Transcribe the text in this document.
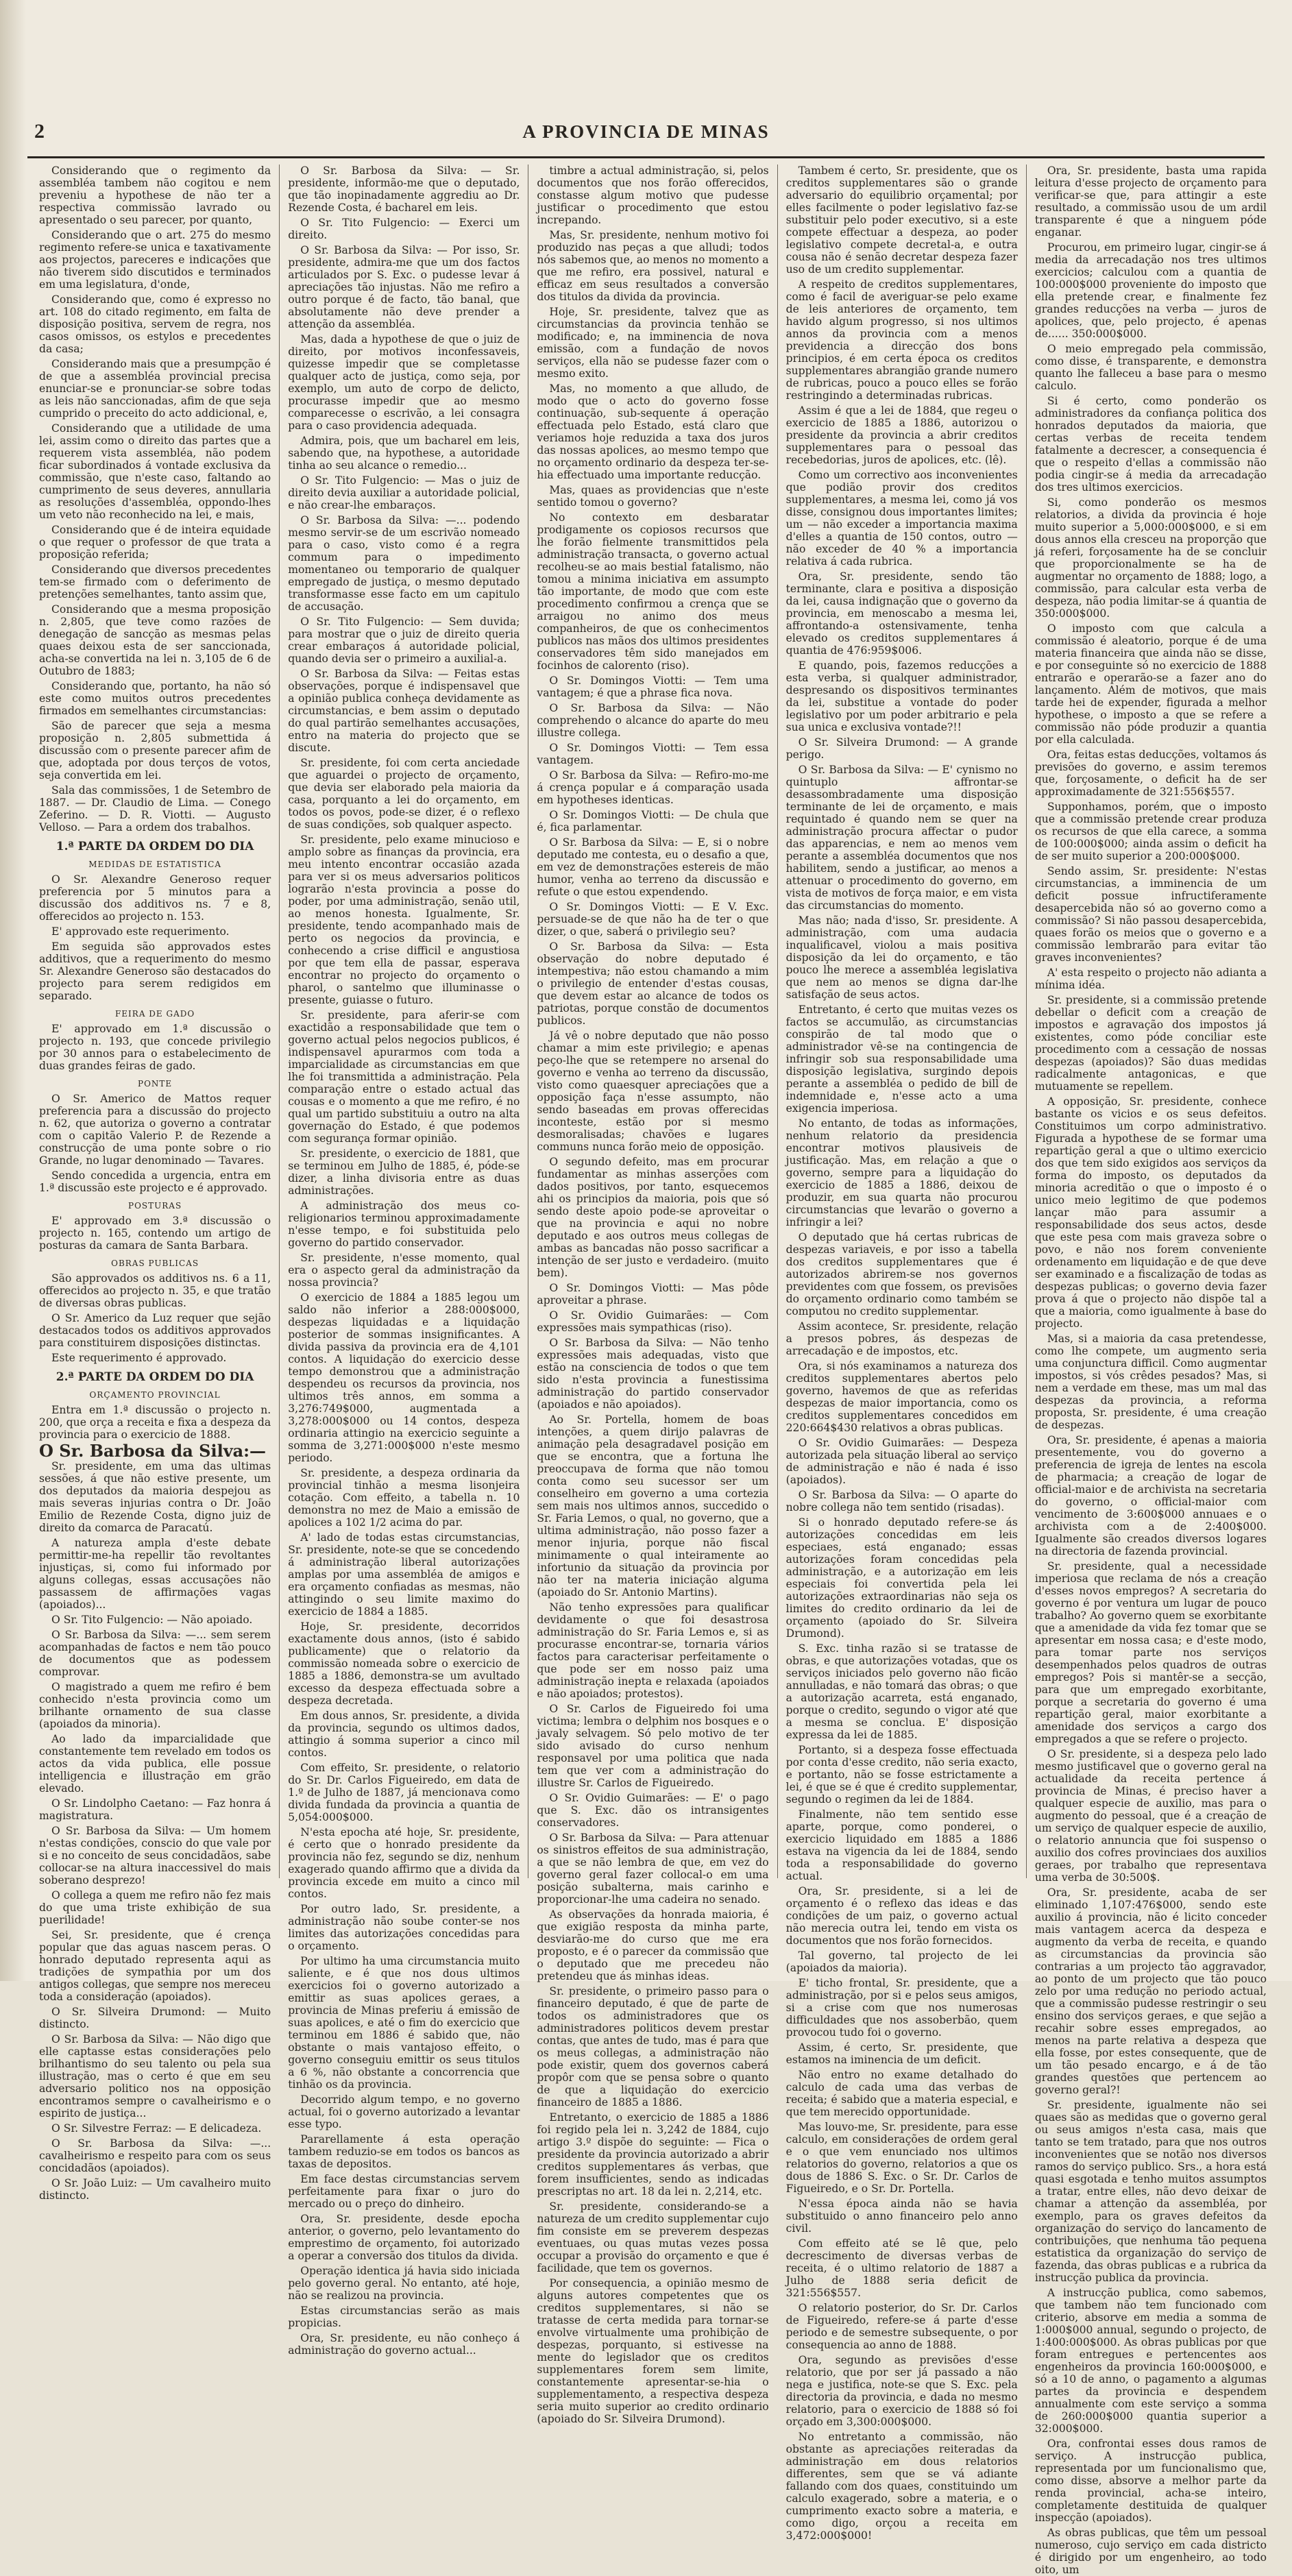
2	A PROVINCIA DE MINAS

Considerando que o regimento da assembléa tambem não cogitou e nem preveniu a hypothese de não ter a respectiva commissão lavrado ou apresentado o seu parecer, por quanto,

Considerando que o art. 275 do mesmo regimento refere-se unica e taxativamente aos projectos, pareceres e indicações que não tiverem sido discutidos e terminados em uma legislatura, d'onde,

Considerando que, como é expresso no art. 108 do citado regimento, em falta de disposição positiva, servem de regra, nos casos omissos, os estylos e precedentes da casa;

Considerando mais que a presumpção é de que a assembléa provincial precisa enunciar-se e pronunciar-se sobre todas as leis não sanccionadas, afim de que seja cumprido o preceito do acto addicional, e,

Considerando que a utilidade de uma lei, assim como o direito das partes que a requerem vista assembléa, não podem ficar subordinados á vontade exclusiva da commissão, que n'este caso, faltando ao cumprimento de seus deveres, annullaria as resoluções d'assembléa, oppondo-lhes um veto não reconhecido na lei, e mais,

Considerando que é de inteira equidade o que requer o professor de que trata a proposição referida;

Considerando que diversos precedentes tem-se firmado com o deferimento de pretenções semelhantes, tanto assim que,

Considerando que a mesma proposição n. 2,805, que teve como razões de denegação de sancção as mesmas pelas quaes deixou esta de ser sanccionada, acha-se convertida na lei n. 3,105 de 6 de Outubro de 1883;

Considerando que, portanto, ha não só este como muitos outros precedentes firmados em semelhantes circumstancias:

São de parecer que seja a mesma proposição n. 2,805 submettida á discussão com o presente parecer afim de que, adoptada por dous terços de votos, seja convertida em lei.

Sala das commissões, 1 de Setembro de 1887. — Dr. Claudio de Lima. — Conego Zeferino. — D. R. Viotti. — Augusto Velloso. — Para a ordem dos trabalhos.

1.ª PARTE DA ORDEM DO DIA
MEDIDAS DE ESTATISTICA

O Sr. Alexandre Generoso requer preferencia por 5 minutos para a discussão dos additivos ns. 7 e 8, offerecidos ao projecto n. 153.

E' approvado este requerimento.

Em seguida são approvados estes additivos, que a requerimento do mesmo Sr. Alexandre Generoso são destacados do projecto para serem redigidos em separado.

FEIRA DE GADO

E' approvado em 1.ª discussão o projecto n. 193, que concede privilegio por 30 annos para o estabelecimento de duas grandes feiras de gado.

PONTE

O Sr. Americo de Mattos requer preferencia para a discussão do projecto n. 62, que autoriza o governo a contratar com o capitão Valerio P. de Rezende a construcção de uma ponte sobre o rio Grande, no lugar denominado — Tavares.

Sendo concedida a urgencia, entra em 1.ª discussão este projecto e é approvado.

POSTURAS

E' approvado em 3.ª discussão o projecto n. 165, contendo um artigo de posturas da camara de Santa Barbara.

OBRAS PUBLICAS

São approvados os additivos ns. 6 a 11, offerecidos ao projecto n. 35, e que tratão de diversas obras publicas.

O Sr. Americo da Luz requer que sejão destacados todos os additivos approvados para constituirem disposições distinctas.

Este requerimento é approvado.

2.ª PARTE DA ORDEM DO DIA
ORÇAMENTO PROVINCIAL

Entra em 1.ª discussão o projecto n. 200, que orça a receita e fixa a despeza da provincia para o exercicio de 1888.

O Sr. Barbosa da Silva:—

Sr. presidente, em uma das ultimas sessões, á que não estive presente, um dos deputados da maioria despejou as mais severas injurias contra o Dr. João Emilio de Rezende Costa, digno juiz de direito da comarca de Paracatú.

A natureza ampla d'este debate permittir-me-ha repellir tão revoltantes injustiças, si, como fui informado por alguns collegas, essas accusações não passassem de affirmações vagas (apoiados)...

O Sr. Tito Fulgencio: — Não apoiado.

O Sr. Barbosa da Silva: —... sem serem acompanhadas de factos e nem tão pouco de documentos que as podessem comprovar.

O magistrado a quem me refiro é bem conhecido n'esta provincia como um brilhante ornamento de sua classe (apoiados da minoria).

Ao lado da imparcialidade que constantemente tem revelado em todos os actos da vida publica, elle possue intelligencia e illustração em grão elevado.

O Sr. Lindolpho Caetano: — Faz honra á magistratura.

O Sr. Barbosa da Silva: — Um homem n'estas condições, conscio do que vale por si e no conceito de seus concidadãos, sabe collocar-se na altura inaccessivel do mais soberano desprezo!

O collega a quem me refiro não fez mais do que uma triste exhibição de sua puerilidade!

Sei, Sr. presidente, que é crença popular que das aguas nascem peras. O honrado deputado representa aqui as tradições de sympathia por um dos antigos collegas, que sempre nos mereceu toda a consideração (apoiados).

O Sr. Silveira Drumond: — Muito distincto.

O Sr. Barbosa da Silva: — Não digo que elle captasse estas considerações pelo brilhantismo do seu talento ou pela sua illustração, mas o certo é que em seu adversario politico nos na opposição encontramos sempre o cavalheirismo e o espirito de justiça...

O Sr. Silvestre Ferraz: — E delicadeza.

O Sr. Barbosa da Silva: —... cavalheirismo e respeito para com os seus concidadãos (apoiados).

O Sr. João Luiz: — Um cavalheiro muito distincto.

O Sr. Barbosa da Silva: — Sr. presidente, informão-me que o deputado, que tão inopinadamente aggrediu ao Dr. Rezende Costa, é bacharel em leis.

O Sr. Tito Fulgencio: — Exerci um direito.

O Sr. Barbosa da Silva: — Por isso, Sr. presidente, admira-me que um dos factos articulados por S. Exc. o pudesse levar á apreciações tão injustas. Não me refiro a outro porque é de facto, tão banal, que absolutamente não deve prender a attenção da assembléa.

Mas, dada a hypothese de que o juiz de direito, por motivos inconfessaveis, quizesse impedir que se completasse qualquer acto de justiça, como seja, por exemplo, um auto de corpo de delicto, procurasse impedir que ao mesmo comparecesse o escrivão, a lei consagra para o caso providencia adequada.

Admira, pois, que um bacharel em leis, sabendo que, na hypothese, a autoridade tinha ao seu alcance o remedio...

O Sr. Tito Fulgencio: — Mas o juiz de direito devia auxiliar a autoridade policial, e não crear-lhe embaraços.

O Sr. Barbosa da Silva: —... podendo mesmo servir-se de um escrivão nomeado para o caso, visto como é a regra commum para o impedimento momentaneo ou temporario de qualquer empregado de justiça, o mesmo deputado transformasse esse facto em um capitulo de accusação.

O Sr. Tito Fulgencio: — Sem duvida; para mostrar que o juiz de direito queria crear embaraços á autoridade policial, quando devia ser o primeiro a auxilial-a.

O Sr. Barbosa da Silva: — Feitas estas observações, porque é indispensavel que a opinião publica conheça devidamente as circumstancias, e bem assim o deputado do qual partirão semelhantes accusações, entro na materia do projecto que se discute.

Sr. presidente, foi com certa anciedade que aguardei o projecto de orçamento, que devia ser elaborado pela maioria da casa, porquanto a lei do orçamento, em todos os povos, pode-se dizer, é o reflexo de suas condições, sob qualquer aspecto.

Sr. presidente, pelo exame minucioso e amplo sobre as finanças da provincia, era meu intento encontrar occasião azada para ver si os meus adversarios politicos lograrão n'esta provincia a posse do poder, por uma administração, senão util, ao menos honesta. Igualmente, Sr. presidente, tendo acompanhado mais de perto os negocios da provincia, e conhecendo a crise difficil e angustiosa por que tem ella de passar, esperava encontrar no projecto do orçamento o pharol, o santelmo que illuminasse o presente, guiasse o futuro.

Sr. presidente, para aferir-se com exactidão a responsabilidade que tem o governo actual pelos negocios publicos, é indispensavel apurarmos com toda a imparcialidade as circumstancias em que lhe foi transmittida a administração. Pela comparação entre o estado actual das cousas e o momento a que me refiro, é no qual um partido substituiu a outro na alta governação do Estado, é que podemos com segurança formar opinião.

Sr. presidente, o exercicio de 1881, que se terminou em Julho de 1885, é, póde-se dizer, a linha divisoria entre as duas administrações.

A administração dos meus co-religionarios terminou approximadamente n'esse tempo, e foi substituida pelo governo do partido conservador.

Sr. presidente, n'esse momento, qual era o aspecto geral da administração da nossa provincia?

O exercicio de 1884 a 1885 legou um saldo não inferior a 288:000$000, despezas liquidadas e a liquidação posterior de sommas insignificantes. A divida passiva da provincia era de 4,101 contos. A liquidação do exercicio desse tempo demonstrou que a administração despendeu os recursos da provincia, nos ultimos três annos, em somma a 3,276:749$000, augmentada a 3,278:000$000 ou 14 contos, despeza ordinaria attingio na exercicio seguinte a somma de 3,271:000$000 n'este mesmo periodo.

Sr. presidente, a despeza ordinaria da provincial tinhão a mesma lisonjeira cotação. Com effeito, a tabella n. 10 demonstra no mez de Maio a emissão de apolices a 102 1/2 acima do par.

A' lado de todas estas circumstancias, Sr. presidente, note-se que se concedendo á administração liberal autorizações amplas por uma assembléa de amigos e era orçamento confiadas as mesmas, não attingindo o seu limite maximo do exercicio de 1884 a 1885.

Hoje, Sr. presidente, decorridos exactamente dous annos, (isto é sabido publicamente) que o relatorio da commissão nomeada sobre o exercicio de 1885 a 1886, demonstra-se um avultado excesso da despeza effectuada sobre a despeza decretada.

Em dous annos, Sr. presidente, a divida da provincia, segundo os ultimos dados, attingio á somma superior a cinco mil contos.

Com effeito, Sr. presidente, o relatorio do Sr. Dr. Carlos Figueiredo, em data de 1.º de Julho de 1887, já mencionava como divida fundada da provincia a quantia de 5,054:000$000.

N'esta epocha até hoje, Sr. presidente, é certo que o honrado presidente da provincia não fez, segundo se diz, nenhum exagerado quando affirmo que a divida da provincia excede em muito a cinco mil contos.

Por outro lado, Sr. presidente, a administração não soube conter-se nos limites das autorizações concedidas para o orçamento.

Por ultimo ha uma circumstancia muito saliente, e é que nos dous ultimos exercicios foi o governo autorizado a emittir as suas apolices geraes, a provincia de Minas preferiu á emissão de suas apolices, e até o fim do exercicio que terminou em 1886 é sabido que, não obstante o mais vantajoso effeito, o governo conseguiu emittir os seus titulos a 6 %, não obstante a concorrencia que tinhão os da provincia.

Decorrido algum tempo, e no governo actual, foi o governo autorizado a levantar esse typo.

Pararellamente á esta operação tambem reduzio-se em todos os bancos as taxas de depositos.

Em face destas circumstancias servem perfeitamente para fixar o juro do mercado ou o preço do dinheiro.

Ora, Sr. presidente, desde epocha anterior, o governo, pelo levantamento do emprestimo de orçamento, foi autorizado a operar a conversão dos titulos da divida.

Operação identica já havia sido iniciada pelo governo geral. No entanto, até hoje, não se realizou na provincia.

Estas circumstancias serão as mais propicias.

Ora, Sr. presidente, eu não conheço á administração do governo actual...

timbre a actual administração, si, pelos documentos que nos forão offerecidos, constasse algum motivo que pudesse justificar o procedimento que estou increpando.

Mas, Sr. presidente, nenhum motivo foi produzido nas peças a que alludi; todos nós sabemos que, ao menos no momento a que me refiro, era possivel, natural e efficaz em seus resultados a conversão dos titulos da divida da provincia.

Hoje, Sr. presidente, talvez que as circumstancias da provincia tenhão se modificado; e, na imminencia de nova emissão, com a fundação de novos serviços, ella não se pudesse fazer com o mesmo exito.

Mas, no momento a que alludo, de modo que o acto do governo fosse continuação, sub-sequente á operação effectuada pelo Estado, está claro que veriamos hoje reduzida a taxa dos juros das nossas apolices, ao mesmo tempo que no orçamento ordinario da despeza ter-se-hia effectuado uma importante reducção.

Mas, quaes as providencias que n'este sentido tomou o governo?

No contexto em desbaratar prodigamente os copiosos recursos que lhe forão fielmente transmittidos pela administração transacta, o governo actual recolheu-se ao mais bestial fatalismo, não tomou a minima iniciativa em assumpto tão importante, de modo que com este procedimento confirmou a crença que se arraigou no animo dos meus companheiros, de que os conhecimentos publicos nas mãos dos ultimos presidentes conservadores têm sido manejados em focinhos de calorento (riso).

O Sr. Domingos Viotti: — Tem uma vantagem; é que a phrase fica nova.

O Sr. Barbosa da Silva: — Não comprehendo o alcance do aparte do meu illustre collega.

O Sr. Domingos Viotti: — Tem essa vantagem.

O Sr. Barbosa da Silva: — Refiro-mo-me á crença popular e á comparação usada em hypotheses identicas.

O Sr. Domingos Viotti: — De chula que é, fica parlamentar.

O Sr. Barbosa da Silva: — E, si o nobre deputado me contesta, eu o desafio a que, em vez de demonstrações estereis de mão humor, venha ao terreno da discussão e refute o que estou expendendo.

O Sr. Domingos Viotti: — E V. Exc. persuade-se de que não ha de ter o que dizer, o que, saberá o privilegio seu?

O Sr. Barbosa da Silva: — Esta observação do nobre deputado é intempestiva; não estou chamando a mim o privilegio de entender d'estas cousas, que devem estar ao alcance de todos os patriotas, porque constão de documentos publicos.

Já vê o nobre deputado que não posso chamar a mim este privilegio; e apenas peço-lhe que se retempere no arsenal do governo e venha ao terreno da discussão, visto como quaesquer apreciações que a opposição faça n'esse assumpto, não sendo baseadas em provas offerecidas inconteste, estão por si mesmo desmoralisadas; chavões e lugares communs nunca forão meio de opposição.

O segundo defeito, mas em procurar fundamentar as minhas asserções com dados positivos, por tanto, esquecemos ahi os principios da maioria, pois que só sendo deste apoio pode-se aproveitar o que na provincia e aqui no nobre deputado e aos outros meus collegas de ambas as bancadas não posso sacrificar a intenção de ser justo e verdadeiro. (muito bem).

O Sr. Domingos Viotti: — Mas pôde aproveitar a phrase.

O Sr. Ovidio Guimarães: — Com expressões mais sympathicas (riso).

O Sr. Barbosa da Silva: — Não tenho expressões mais adequadas, visto que estão na consciencia de todos o que tem sido n'esta provincia a funestissima administração do partido conservador (apoiados e não apoiados).

Ao Sr. Portella, homem de boas intenções, a quem dirijo palavras de animação pela desagradavel posição em que se encontra, que a fortuna lhe preoccupava de forma que não tomou conta como seu sucessor ser um conselheiro em governo a uma cortezia sem mais nos ultimos annos, succedido o Sr. Faria Lemos, o qual, no governo, que a ultima administração, não posso fazer a menor injuria, porque não fiscal minimamente o qual inteiramente ao infortunio da situação da provincia por não ter na materia iniciação alguma (apoiado do Sr. Antonio Martins).

Não tenho expressões para qualificar devidamente o que foi desastrosa administração do Sr. Faria Lemos e, si as procurasse encontrar-se, tornaria vários factos para caracterisar perfeitamente o que pode ser em nosso paiz uma administração inepta e relaxada (apoiados e não apoiados; protestos).

O Sr. Carlos de Figueiredo foi uma victima; lembra o delphim nos bosques e o javaly selvagem. Só pelo motivo de ter sido avisado do curso nenhum responsavel por uma politica que nada tem que ver com a administração do illustre Sr. Carlos de Figueiredo.

O Sr. Ovidio Guimarães: — E' o pago que S. Exc. dão os intransigentes conservadores.

O Sr. Barbosa da Silva: — Para attenuar os sinistros effeitos de sua administração, a que se não lembra de que, em vez do governo geral fazer collocal-o em uma posição subalterna, mais carinho e proporcionar-lhe uma cadeira no senado.

As observações da honrada maioria, é que exigião resposta da minha parte, desviarão-me do curso que me era proposto, e é o parecer da commissão que o deputado que me precedeu não pretendeu que ás minhas ideas.

Sr. presidente, o primeiro passo para o financeiro deputado, é que de parte de todos os administradores que os administradores politicos devem prestar contas, que antes de tudo, mas é para que os meus collegas, a administração não pode existir, quem dos governos caberá propôr com que se pensa sobre o quanto de que a liquidação do exercicio financeiro de 1885 a 1886.

Entretanto, o exercicio de 1885 a 1886 foi regido pela lei n. 3,242 de 1884, cujo artigo 3.º dispõe do seguinte: — Fica o presidente da provincia autorizado a abrir creditos supplementares ás verbas, que forem insufficientes, sendo as indicadas prescriptas no art. 18 da lei n. 2,214, etc.

Sr. presidente, considerando-se a natureza de um credito supplementar cujo fim consiste em se preverem despezas eventuaes, ou quas mutas vezes possa occupar a provisão do orçamento e que é facilidade, que tem os governos.

Por consequencia, a opinião mesmo de alguns autores competentes que os creditos supplementares, si não se tratasse de certa medida para tornar-se envolve virtualmente uma prohibição de despezas, porquanto, si estivesse na mente do legislador que os creditos supplementares forem sem limite, constantemente apresentar-se-hia o supplementamento, a respectiva despeza seria muito superior ao credito ordinario (apoiado do Sr. Silveira Drumond).

Tambem é certo, Sr. presidente, que os creditos supplementares são o grande adversario do equilibrio orçamental; por elles facilmente o poder legislativo faz-se substituir pelo poder executivo, si a este compete effectuar a despeza, ao poder legislativo compete decretal-a, e outra cousa não é senão decretar despeza fazer uso de um credito supplementar.

A respeito de creditos supplementares, como é facil de averiguar-se pelo exame de leis anteriores de orçamento, tem havido algum progresso, si nos ultimos annos da provincia com a menos previdencia a direcção dos bons principios, é em certa época os creditos supplementares abrangião grande numero de rubricas, pouco a pouco elles se forão restringindo a determinadas rubricas.

Assim é que a lei de 1884, que regeu o exercicio de 1885 a 1886, autorizou o presidente da provincia a abrir creditos supplementares para o pessoal das recebedorias, juros de apolices, etc. (lê).

Como um correctivo aos inconvenientes que podião provir dos creditos supplementares, a mesma lei, como já vos disse, consignou dous importantes limites; um — não exceder a importancia maxima d'elles a quantia de 150 contos, outro — não exceder de 40 % a importancia relativa á cada rubrica.

Ora, Sr. presidente, sendo tão terminante, clara e positiva a disposição da lei, causa indignação que o governo da provincia, em menoscabo a mesma lei, affrontando-a ostensivamente, tenha elevado os creditos supplementares á quantia de 476:959$006.

E quando, pois, fazemos reducções a esta verba, si qualquer administrador, despresando os dispositivos terminantes da lei, substitue a vontade do poder legislativo por um poder arbitrario e pela sua unica e exclusiva vontade?!!

O Sr. Silveira Drumond: — A grande perigo.

O Sr. Barbosa da Silva: — E' cynismo no quintuplo affrontar-se desassombradamente uma disposição terminante de lei de orçamento, e mais requintado é quando nem se quer na administração procura affectar o pudor das apparencias, e nem ao menos vem perante a assembléa documentos que nos habilitem, sendo a justificar, ao menos a attenuar o procedimento do governo, em vista de motivos de força maior, e em vista das circumstancias do momento.

Mas não; nada d'isso, Sr. presidente. A administração, com uma audacia inqualificavel, violou a mais positiva disposição da lei do orçamento, e tão pouco lhe merece a assembléa legislativa que nem ao menos se digna dar-lhe satisfação de seus actos.

Entretanto, é certo que muitas vezes os factos se accumulão, as circumstancias conspirão de tal modo que o administrador vê-se na contingencia de infringir sob sua responsabilidade uma disposição legislativa, surgindo depois perante a assembléa o pedido de bill de indemnidade e, n'esse acto a uma exigencia imperiosa.

No entanto, de todas as informações, nenhum relatorio da presidencia encontrar motivos plausiveis de justificação. Mas, em relação a que o governo, sempre para a liquidação do exercicio de 1885 a 1886, deixou de produzir, em sua quarta não procurou circumstancias que levarão o governo a infringir a lei?

O deputado que há certas rubricas de despezas variaveis, e por isso a tabella dos creditos supplementares que é autorizados abrirem-se nos governos previdentes com que fossem, os previsões do orçamento ordinario como também se computou no credito supplementar.

Assim acontece, Sr. presidente, relação a presos pobres, ás despezas de arrecadação e de impostos, etc.

Ora, si nós examinamos a natureza dos creditos supplementares abertos pelo governo, havemos de que as referidas despezas de maior importancia, como os creditos supplementares concedidos em 220:664$430 relativos a obras publicas.

O Sr. Ovidio Guimarães: — Despeza autorizada pela situação liberal ao serviço de administração e não é nada é isso (apoiados).

O Sr. Barbosa da Silva: — O aparte do nobre collega não tem sentido (risadas).

Si o honrado deputado refere-se ás autorizações concedidas em leis especiaes, está enganado; essas autorizações foram concedidas pela administração, e a autorização em leis especiais foi convertida pela lei autorizações extraordinarias não seja os limites do credito ordinario da lei de orçamento (apoiado do Sr. Silveira Drumond).

S. Exc. tinha razão si se tratasse de obras, e que autorizações votadas, que os serviços iniciados pelo governo não ficão annulladas, e não tomará das obras; o que a autorização acarreta, está enganado, porque o credito, segundo o vigor até que a mesma se conclua. E' disposição expressa da lei de 1885.

Portanto, si a despeza fosse effectuada por conta d'esse credito, não seria exacto, e portanto, não se fosse estrictamente a lei, é que se é que é credito supplementar, segundo o regimen da lei de 1884.

Finalmente, não tem sentido esse aparte, porque, como ponderei, o exercicio liquidado em 1885 a 1886 estava na vigencia da lei de 1884, sendo toda a responsabilidade do governo actual.

Ora, Sr. presidente, si a lei de orçamento é o reflexo das ideas e das condições de um paiz, o governo actual não merecia outra lei, tendo em vista os documentos que nos forão fornecidos.

Tal governo, tal projecto de lei (apoiados da maioria).

E' ticho frontal, Sr. presidente, que a administração, por si e pelos seus amigos, si a crise com que nos numerosas difficuldades que nos assoberbão, quem provocou tudo foi o governo.

Assim, é certo, Sr. presidente, que estamos na iminencia de um deficit.

Não entro no exame detalhado do calculo de cada uma das verbas de receita; é sabido que a materia especial, e que tem merecido opportunidade.

Mas louvo-me, Sr. presidente, para esse calculo, em considerações de ordem geral e o que vem enunciado nos ultimos relatorios do governo, relatorios a que os dous de 1886 S. Exc. o Sr. Dr. Carlos de Figueiredo, e o Sr. Dr. Portella.

N'essa época ainda não se havia substituido o anno financeiro pelo anno civil.

Com effeito até se lê que, pelo decrescimento de diversas verbas de receita, é o ultimo relatorio de 1887 a Julho de 1888 seria deficit de 321:556$557.

O relatorio posterior, do Sr. Dr. Carlos de Figueiredo, refere-se á parte d'esse periodo e de semestre subsequente, o por consequencia ao anno de 1888.

Ora, segundo as previsões d'esse relatorio, que por ser já passado a não nega e justifica, note-se que S. Exc. pela directoria da provincia, e dada no mesmo relatorio, para o exercicio de 1888 só foi orçado em 3,300:000$000.

No entretanto a commissão, não obstante as apreciações reiteradas da administração em dous relatorios differentes, sem que se vá adiante fallando com dos quaes, constituindo um calculo exagerado, sobre a materia, e o cumprimento exacto sobre a materia, e como digo, orçou a receita em 3,472:000$000!

Ora, Sr. presidente, basta uma rapida leitura d'esse projecto de orçamento para verificar-se que, para attingir a este resultado, a commissão usou de um ardil transparente é que a ninguem póde enganar.

Procurou, em primeiro lugar, cingir-se á media da arrecadação nos tres ultimos exercicios; calculou com a quantia de 100:000$000 proveniente do imposto que ella pretende crear, e finalmente fez grandes reducções na verba — juros de apolices, que, pelo projecto, é apenas de...... 350:000$000.

O meio empregado pela commissão, como disse, é transparente, e demonstra quanto lhe falleceu a base para o mesmo calculo.

Si é certo, como ponderão os administradores da confiança politica dos honrados deputados da maioria, que certas verbas de receita tendem fatalmente a decrescer, a consequencia é que o respeito d'ellas a commissão não podia cingir-se á media da arrecadação dos tres ultimos exercicios.

Si, como ponderão os mesmos relatorios, a divida da provincia é hoje muito superior a 5,000:000$000, e si em dous annos ella cresceu na proporção que já referi, forçosamente ha de se concluir que proporcionalmente se ha de augmentar no orçamento de 1888; logo, a commissão, para calcular esta verba de despeza, não podia limitar-se á quantia de 350:000$000.

O imposto com que calcula a commissão é aleatorio, porque é de uma materia financeira que ainda não se disse, e por conseguinte só no exercicio de 1888 entrarão e operarão-se a fazer ano do lançamento. Além de motivos, que mais tarde hei de expender, figurada a melhor hypothese, o imposto a que se refere a commissão não póde produzir a quantia por ella calculada.

Ora, feitas estas deducções, voltamos ás previsões do governo, e assim teremos que, forçosamente, o deficit ha de ser approximadamente de 321:556$557.

Supponhamos, porém, que o imposto que a commissão pretende crear produza os recursos de que ella carece, a somma de 100:000$000; ainda assim o deficit ha de ser muito superior a 200:000$000.

Sendo assim, Sr. presidente: N'estas circumstancias, a imminencia de um deficit possue infructiferamente desapercebida não só ao governo como a commissão? Si não passou desapercebida, quaes forão os meios que o governo e a commissão lembrarão para evitar tão graves inconvenientes?

A' esta respeito o projecto não adianta a mínima idéa.

Sr. presidente, si a commissão pretende debellar o deficit com a creação de impostos e agravação dos impostos já existentes, como póde conciliar este procedimento com a cessação de nossas despezas (apoiados)? São duas medidas radicalmente antagonicas, e que mutuamente se repellem.

A opposição, Sr. presidente, conhece bastante os vicios e os seus defeitos. Constituimos um corpo administrativo. Figurada a hypothese de se formar uma repartição geral a que o ultimo exercicio dos que tem sido exigidos aos serviços da forma do imposto, os deputados da minoria acreditão o que o imposto é o unico meio legitimo de que podemos lançar mão para assumir a responsabilidade dos seus actos, desde que este pesa com mais graveza sobre o povo, e não nos forem conveniente ordenamento em liquidação e de que deve ser examinado e a fiscalização de todas as despezas publicas; o governo devia fazer prova á que o projecto não dispõe tal a que a maioria, como igualmente à base do projecto.

Mas, si a maioria da casa pretendesse, como lhe compete, um augmento seria uma conjunctura difficil. Como augmentar impostos, si vós crêdes pesados? Mas, si nem a verdade em these, mas um mal das despezas da provincia, a reforma proposta, Sr. presidente, é uma creação de despezas.

Ora, Sr. presidente, é apenas a maioria presentemente, vou do governo a preferencia de igreja de lentes na escola de pharmacia; a creação de logar de official-maior e de archivista na secretaria do governo, o official-maior com vencimento de 3:600$000 annuaes e o archivista com a de 2:400$000. Igualmente são creados diversos logares na directoria de fazenda provincial.

Sr. presidente, qual a necessidade imperiosa que reclama de nós a creação d'esses novos empregos? A secretaria do governo é por ventura um lugar de pouco trabalho? Ao governo quem se exorbitante que a amenidade da vida fez tomar que se apresentar em nossa casa; e d'este modo, para tomar parte nos serviços desempenhados pelos quadros de outras empregos? Pois si mantêr-se a secção, para que um empregado exorbitante, porque a secretaria do governo é uma repartição geral, maior exorbitante a amenidade dos serviços a cargo dos empregados a que se refere o projecto.

O Sr. presidente, si a despeza pelo lado mesmo justificavel que o governo geral na actualidade da receita pertence á provincia de Minas, é preciso haver a qualquer especie de auxilio, mas para o augmento do pessoal, que é a creação de um serviço de qualquer especie de auxilio, o relatorio annuncia que foi suspenso o auxilio dos cofres provinciaes dos auxilios geraes, por trabalho que representava uma verba de 30:500$.

Ora, Sr. presidente, acaba de ser eliminado 1,107:476$000, sendo este auxilio á provincia, não é licito conceder mais vantagem acerca da despeza e augmento da verba de receita, e quando as circumstancias da provincia são contrarias a um projecto tão aggravador, ao ponto de um projecto que tão pouco zelo por uma redução no periodo actual, que a commissão pudesse restringir o seu ensino dos serviços geraes, e que sejão a recahir sobre esses empregados, ao menos na parte relativa a despeza que ella fosse, por estes consequente, que de um tão pesado encargo, e á de tão grandes questões que pertencem ao governo geral?!

Sr. presidente, igualmente não sei quaes são as medidas que o governo geral ou seus amigos n'esta casa, mais que tanto se tem tratado, para que nos outros inconvenientes que se notão nos diversos ramos do serviço publico. Srs., a hora está quasi esgotada e tenho muitos assumptos a tratar, entre elles, não devo deixar de chamar a attenção da assembléa, por exemplo, para os graves defeitos da organização do serviço do lancamento de contribuições, que nenhuma tão pequena estatistica da organização do serviço de fazenda, das obras publicas e a rubrica da instrucção publica da provincia.

A instrucção publica, como sabemos, que tambem não tem funcionado com criterio, absorve em media a somma de 1:000$000 annual, segundo o projecto, de 1:400:000$000. As obras publicas por que foram entregues e pertencentes aos engenheiros da provincia 160:000$000, e só a 10 de anno, o pagamento a algumas partes da provincia e despendem annualmente com este serviço a somma de 260:000$000 quantia superior a 32:000$000.

Ora, confrontai esses dous ramos de serviço. A instrucção publica, representada por um funcionalismo que, como disse, absorve a melhor parte da renda provincial, acha-se inteiro, completamente destituida de qualquer inspecção (apoiados).

As obras publicas, que têm um pessoal numeroso, cujo serviço em cada districto é dirigido por um engenheiro, ao todo oito, um
